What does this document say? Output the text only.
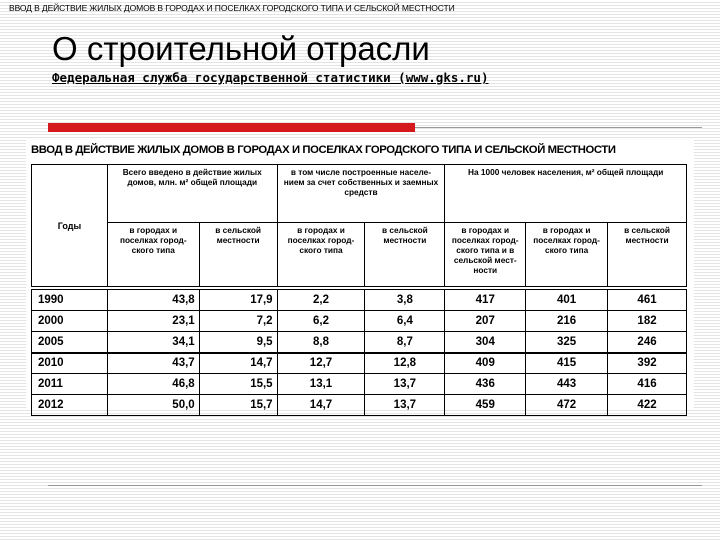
ВВОД В ДЕЙСТВИЕ ЖИЛЫХ ДОМОВ В ГОРОДАХ И ПОСЕЛКАХ ГОРОДСКОГО ТИПА И СЕЛЬСКОЙ МЕСТНОСТИ
О строительной отрасли
Федеральная служба государственной статистики (www.gks.ru)
ВВОД В ДЕЙСТВИЕ ЖИЛЫХ ДОМОВ В ГОРОДАХ И ПОСЕЛКАХ ГОРОДСКОГО ТИПА И СЕЛЬСКОЙ МЕСТНОСТИ
Годы	Всего введено в действие жилых домов, млн. м² общей площади		в том числе построенные населе- нием за счет собственных и заемных средств		На 1000 человек населения, м² общей площади		
	в городах и поселках город- ского типа	в сельской местности	в городах и поселках город- ского типа	в сельской местности	в городах и поселках город- ского типа и в сельской мест- ности	в городах и поселках город- ского типа	в сельской местности

1990	43,8	17,9	2,2	3,8	417	401	461
2000	23,1	7,2	6,2	6,4	207	216	182
2005	34,1	9,5	8,8	8,7	304	325	246
2010	43,7	14,7	12,7	12,8	409	415	392
2011	46,8	15,5	13,1	13,7	436	443	416
2012	50,0	15,7	14,7	13,7	459	472	422
